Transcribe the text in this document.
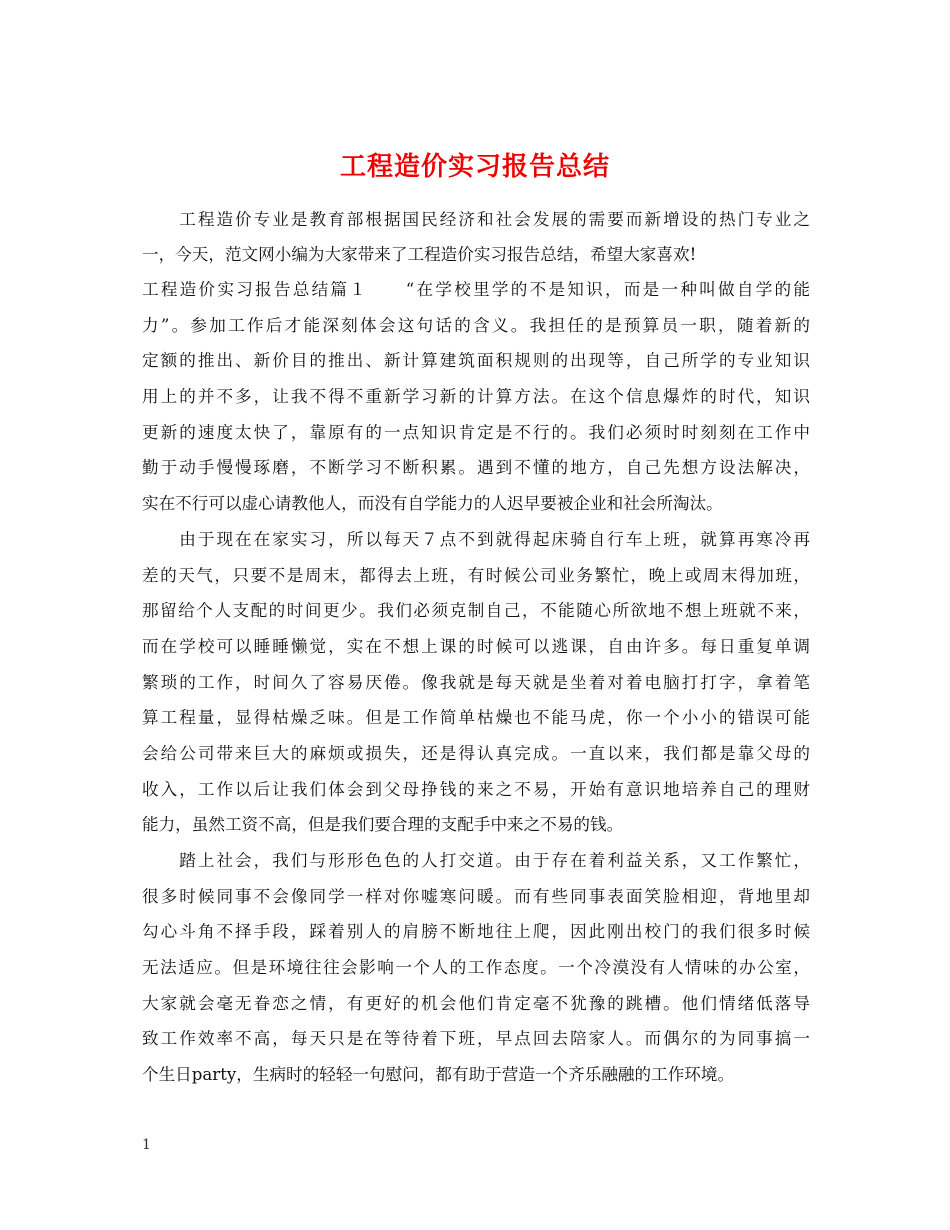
工程造价实习报告总结
　　工程造价专业是教育部根据国民经济和社会发展的需要而新增设的热门专业之
一，今天，范文网小编为大家带来了工程造价实习报告总结，希望大家喜欢!
工程造价实习报告总结篇１　　“在学校里学的不是知识，而是一种叫做自学的能
力”。参加工作后才能深刻体会这句话的含义。我担任的是预算员一职，随着新的
定额的推出、新价目的推出、新计算建筑面积规则的出现等，自己所学的专业知识
用上的并不多，让我不得不重新学习新的计算方法。在这个信息爆炸的时代，知识
更新的速度太快了，靠原有的一点知识肯定是不行的。我们必须时时刻刻在工作中
勤于动手慢慢琢磨，不断学习不断积累。遇到不懂的地方，自己先想方设法解决，
实在不行可以虚心请教他人，而没有自学能力的人迟早要被企业和社会所淘汰。
　　由于现在在家实习，所以每天７点不到就得起床骑自行车上班，就算再寒冷再
差的天气，只要不是周末，都得去上班，有时候公司业务繁忙，晚上或周末得加班，
那留给个人支配的时间更少。我们必须克制自己，不能随心所欲地不想上班就不来，
而在学校可以睡睡懒觉，实在不想上课的时候可以逃课，自由许多。每日重复单调
繁琐的工作，时间久了容易厌倦。像我就是每天就是坐着对着电脑打打字，拿着笔
算工程量，显得枯燥乏味。但是工作简单枯燥也不能马虎，你一个小小的错误可能
会给公司带来巨大的麻烦或损失，还是得认真完成。一直以来，我们都是靠父母的
收入，工作以后让我们体会到父母挣钱的来之不易，开始有意识地培养自己的理财
能力，虽然工资不高，但是我们要合理的支配手中来之不易的钱。
　　踏上社会，我们与形形色色的人打交道。由于存在着利益关系，又工作繁忙，
很多时候同事不会像同学一样对你嘘寒问暖。而有些同事表面笑脸相迎，背地里却
勾心斗角不择手段，踩着别人的肩膀不断地往上爬，因此刚出校门的我们很多时候
无法适应。但是环境往往会影响一个人的工作态度。一个冷漠没有人情味的办公室，
大家就会毫无眷恋之情，有更好的机会他们肯定毫不犹豫的跳槽。他们情绪低落导
致工作效率不高，每天只是在等待着下班，早点回去陪家人。而偶尔的为同事搞一
个生日party，生病时的轻轻一句慰问，都有助于营造一个齐乐融融的工作环境。
1
